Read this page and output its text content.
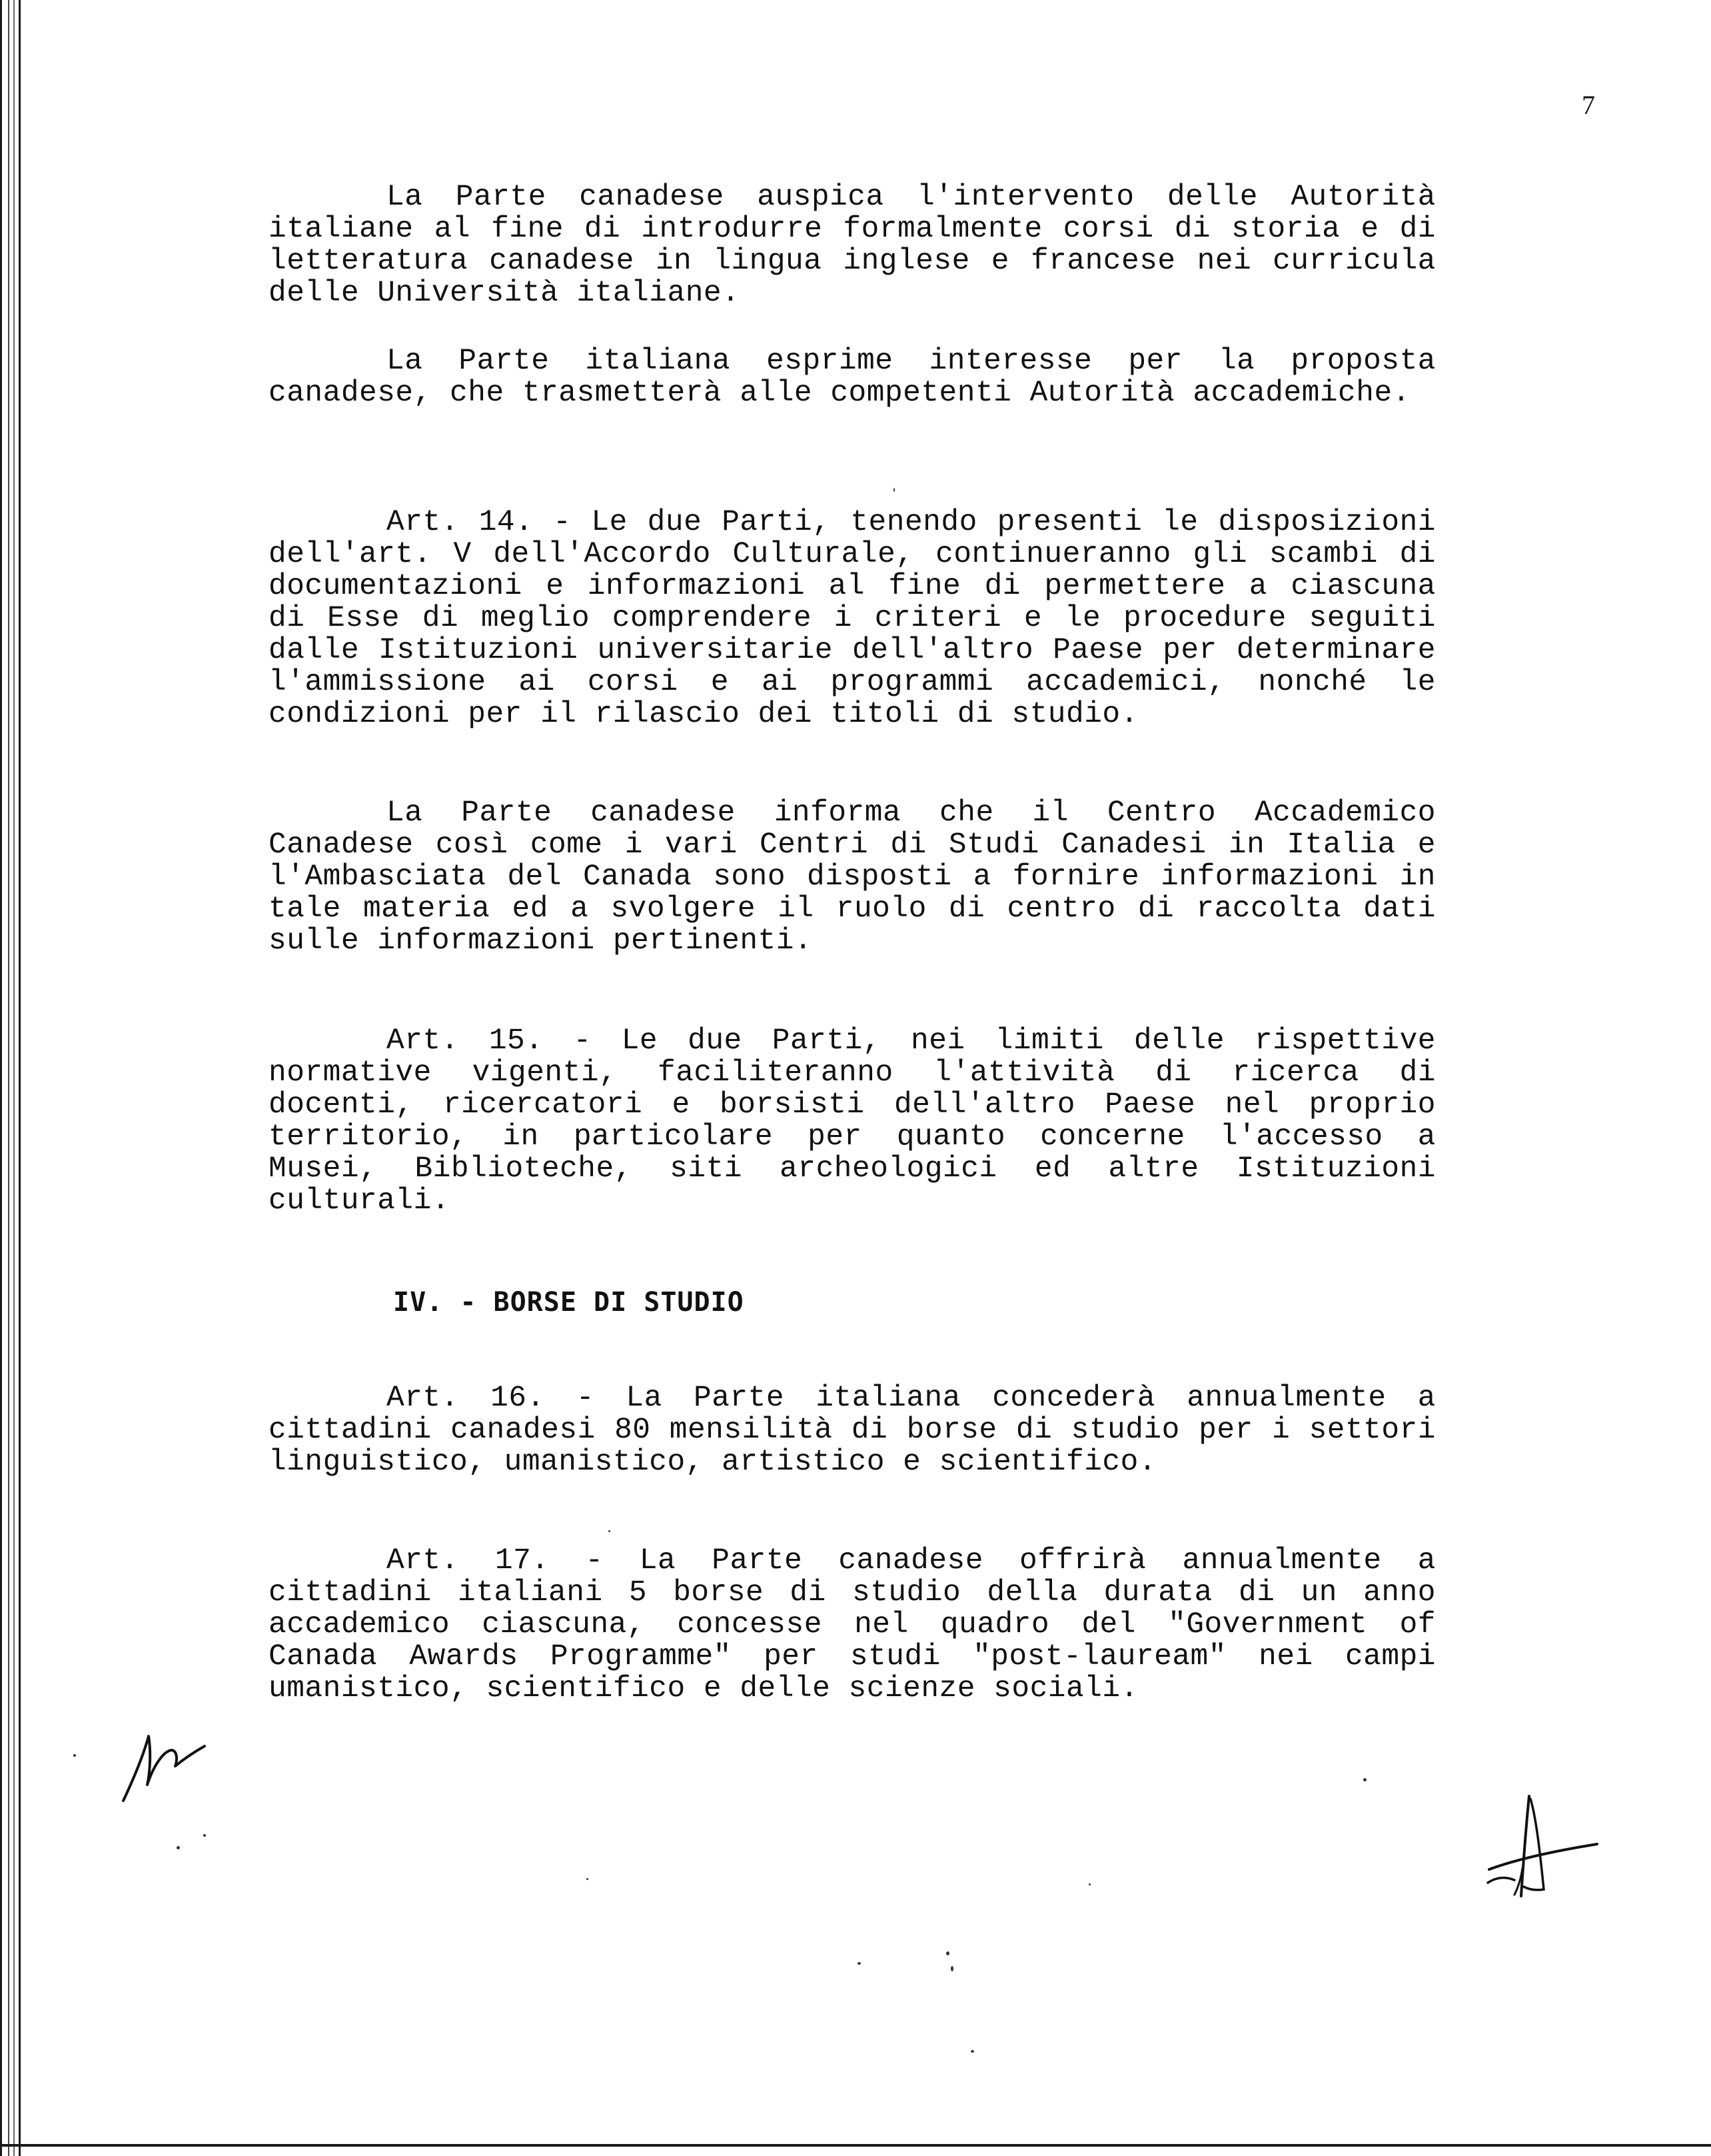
7

La Parte canadese auspica l'intervento delle Autorità italiane al fine di introdurre formalmente corsi di storia e di letteratura canadese in lingua inglese e francese nei curricula delle Università italiane.

La Parte italiana esprime interesse per la proposta canadese, che trasmetterà alle competenti Autorità accademiche.

Art. 14. - Le due Parti, tenendo presenti le disposizioni dell'art. V dell'Accordo Culturale, continueranno gli scambi di documentazioni e informazioni al fine di permettere a ciascuna di Esse di meglio comprendere i criteri e le procedure seguiti dalle Istituzioni universitarie dell'altro Paese per determinare l'ammissione ai corsi e ai programmi accademici, nonché le condizioni per il rilascio dei titoli di studio.

La Parte canadese informa che il Centro Accademico Canadese così come i vari Centri di Studi Canadesi in Italia e l'Ambasciata del Canada sono disposti a fornire informazioni in tale materia ed a svolgere il ruolo di centro di raccolta dati sulle informazioni pertinenti.

Art. 15. - Le due Parti, nei limiti delle rispettive normative vigenti, faciliteranno l'attività di ricerca di docenti, ricercatori e borsisti dell'altro Paese nel proprio territorio, in particolare per quanto concerne l'accesso a Musei, Biblioteche, siti archeologici ed altre Istituzioni culturali.

IV. - BORSE DI STUDIO

Art. 16. - La Parte italiana concederà annualmente a cittadini canadesi 80 mensilità di borse di studio per i settori linguistico, umanistico, artistico e scientifico.

Art. 17. - La Parte canadese offrirà annualmente a cittadini italiani 5 borse di studio della durata di un anno accademico ciascuna, concesse nel quadro del "Government of Canada Awards Programme" per studi "post-lauream" nei campi umanistico, scientifico e delle scienze sociali.
